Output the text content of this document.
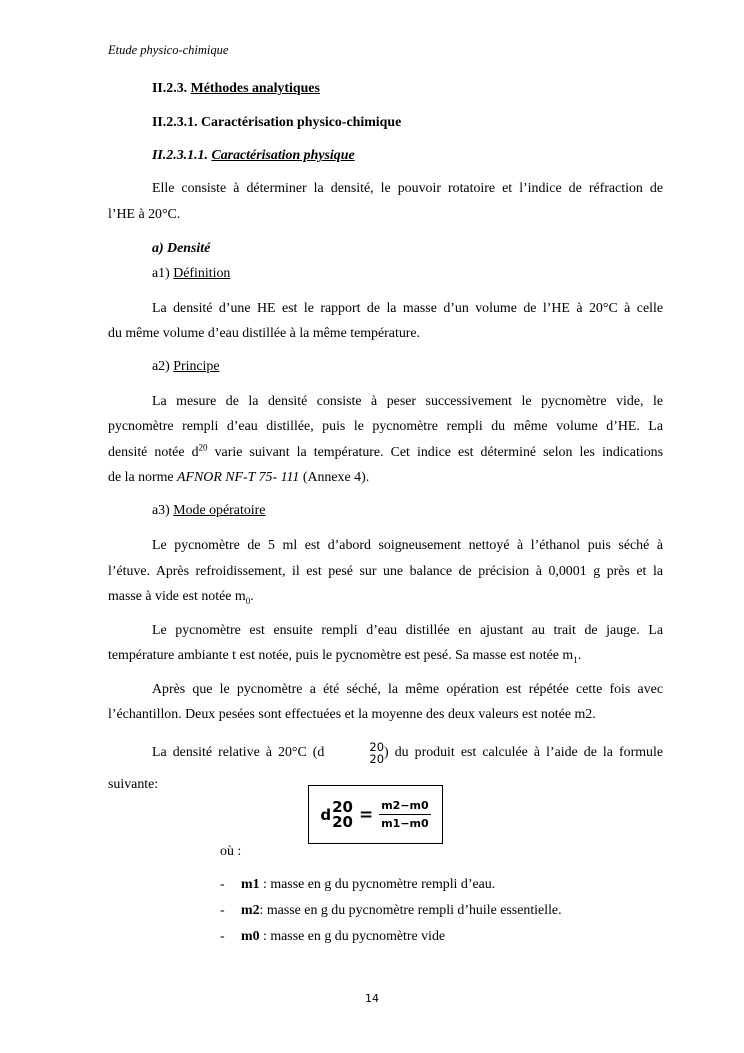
Etude physico-chimique
II.2.3. Méthodes analytiques
II.2.3.1. Caractérisation physico-chimique
II.2.3.1.1. Caractérisation physique
Elle consiste à déterminer la densité, le pouvoir rotatoire et l’indice de réfraction de
l’HE à 20°C.
a) Densité
a1) Définition
La densité d’une HE est le rapport de la masse d’un volume de l’HE à 20°C à celle
du même volume d’eau distillée à la même température.
a2) Principe
La mesure de la densité consiste à peser successivement le pycnomètre vide, le
pycnomètre rempli d’eau distillée, puis le pycnomètre rempli du même volume d’HE. La
densité notée $d^{20}$ varie suivant la température. Cet indice est déterminé selon les indications
de la norme AFNOR NF-T 75- 111 (Annexe 4).
a3) Mode opératoire
Le pycnomètre de 5 ml est d’abord soigneusement nettoyé à l’éthanol puis séché à
l’étuve. Après refroidissement, il est pesé sur une balance de précision à 0,0001 g près et la
masse à vide est notée $m_0$.
Le pycnomètre est ensuite rempli d’eau distillée en ajustant au trait de jauge. La
température ambiante t est notée, puis le pycnomètre est pesé. Sa masse est notée $m_1$.
Après que le pycnomètre a été séché, la même opération est répétée cette fois avec
l’échantillon. Deux pesées sont effectuées et la moyenne des deux valeurs est notée m2.
La densité relative à 20°C (d	20
20 ) du produit est calculée à l’aide de la formule
suivante:
d 20
$20 = \frac{m2-m0}{m1-m0}$
où :
- m1 : masse en g du pycnomètre rempli d’eau.
- m2: masse en g du pycnomètre rempli d’huile essentielle.
- m0 : masse en g du pycnomètre vide
14
